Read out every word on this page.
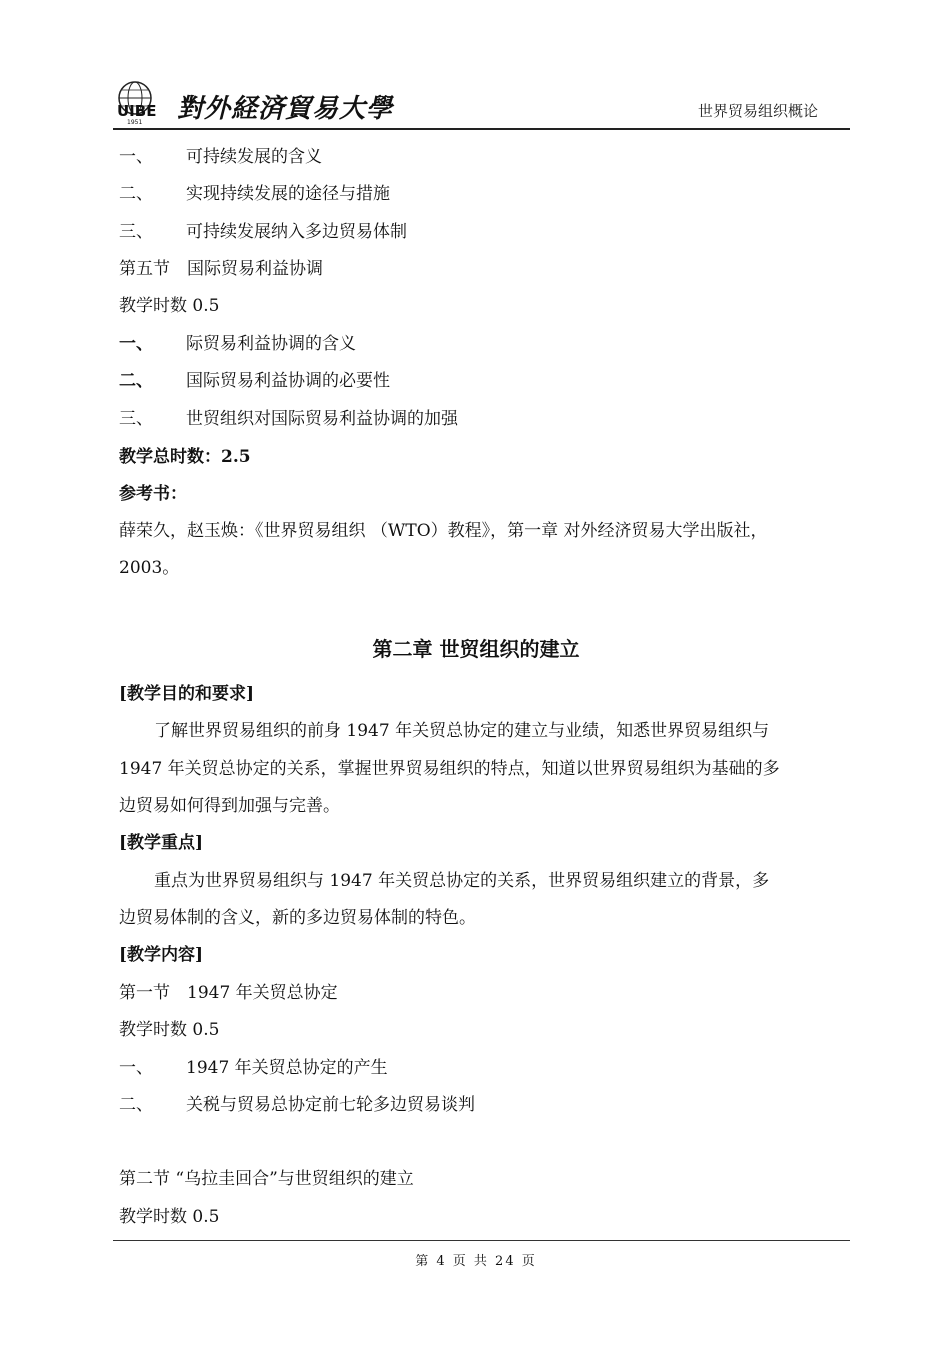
UIBE
1951 對外経済貿易大學	世界贸易组织概论
一、 可持续发展的含义
二、 实现持续发展的途径与措施
三、 可持续发展纳入多边贸易体制
第五节　国际贸易利益协调
教学时数 0.5
一、 际贸易利益协调的含义
二、 国际贸易利益协调的必要性
三、 世贸组织对国际贸易利益协调的加强
教学总时数：2.5
参考书：
薛荣久，赵玉焕：《世界贸易组织 （WTO）教程》，第一章 对外经济贸易大学出版社，
2003。
第二章 世贸组织的建立
[教学目的和要求]
了解世界贸易组织的前身 1947 年关贸总协定的建立与业绩，知悉世界贸易组织与
1947 年关贸总协定的关系，掌握世界贸易组织的特点，知道以世界贸易组织为基础的多
边贸易如何得到加强与完善。
[教学重点]
重点为世界贸易组织与 1947 年关贸总协定的关系，世界贸易组织建立的背景，多
边贸易体制的含义，新的多边贸易体制的特色。
[教学内容]
第一节　1947 年关贸总协定
教学时数 0.5
一、 1947 年关贸总协定的产生
二、 关税与贸易总协定前七轮多边贸易谈判
第二节 “乌拉圭回合”与世贸组织的建立
教学时数 0.5
第 4 页 共 24 页
